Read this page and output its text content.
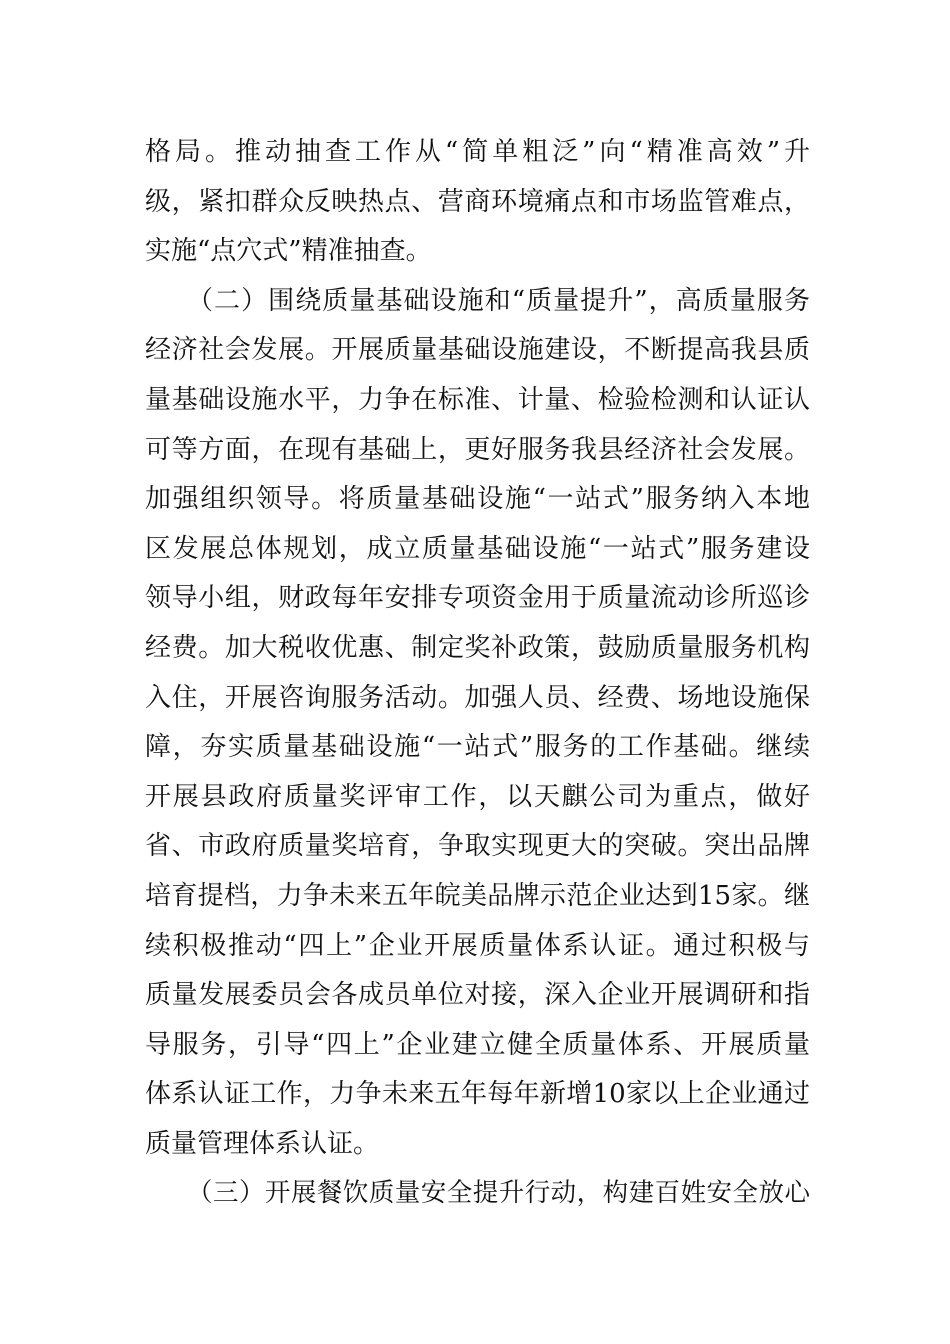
格局。推动抽查工作从“简单粗泛”向“精准高效”升
级，紧扣群众反映热点、营商环境痛点和市场监管难点，
实施“点穴式”精准抽查。
（二）围绕质量基础设施和“质量提升”，高质量服务
经济社会发展。开展质量基础设施建设，不断提高我县质
量基础设施水平，力争在标准、计量、检验检测和认证认
可等方面，在现有基础上，更好服务我县经济社会发展。
加强组织领导。将质量基础设施“一站式”服务纳入本地
区发展总体规划，成立质量基础设施“一站式”服务建设
领导小组，财政每年安排专项资金用于质量流动诊所巡诊
经费。加大税收优惠、制定奖补政策，鼓励质量服务机构
入住，开展咨询服务活动。加强人员、经费、场地设施保
障，夯实质量基础设施“一站式”服务的工作基础。继续
开展县政府质量奖评审工作，以天麒公司为重点，做好
省、市政府质量奖培育，争取实现更大的突破。突出品牌
培育提档，力争未来五年皖美品牌示范企业达到15家。继
续积极推动“四上”企业开展质量体系认证。通过积极与
质量发展委员会各成员单位对接，深入企业开展调研和指
导服务，引导“四上”企业建立健全质量体系、开展质量
体系认证工作，力争未来五年每年新增10家以上企业通过
质量管理体系认证。
（三）开展餐饮质量安全提升行动，构建百姓安全放心
